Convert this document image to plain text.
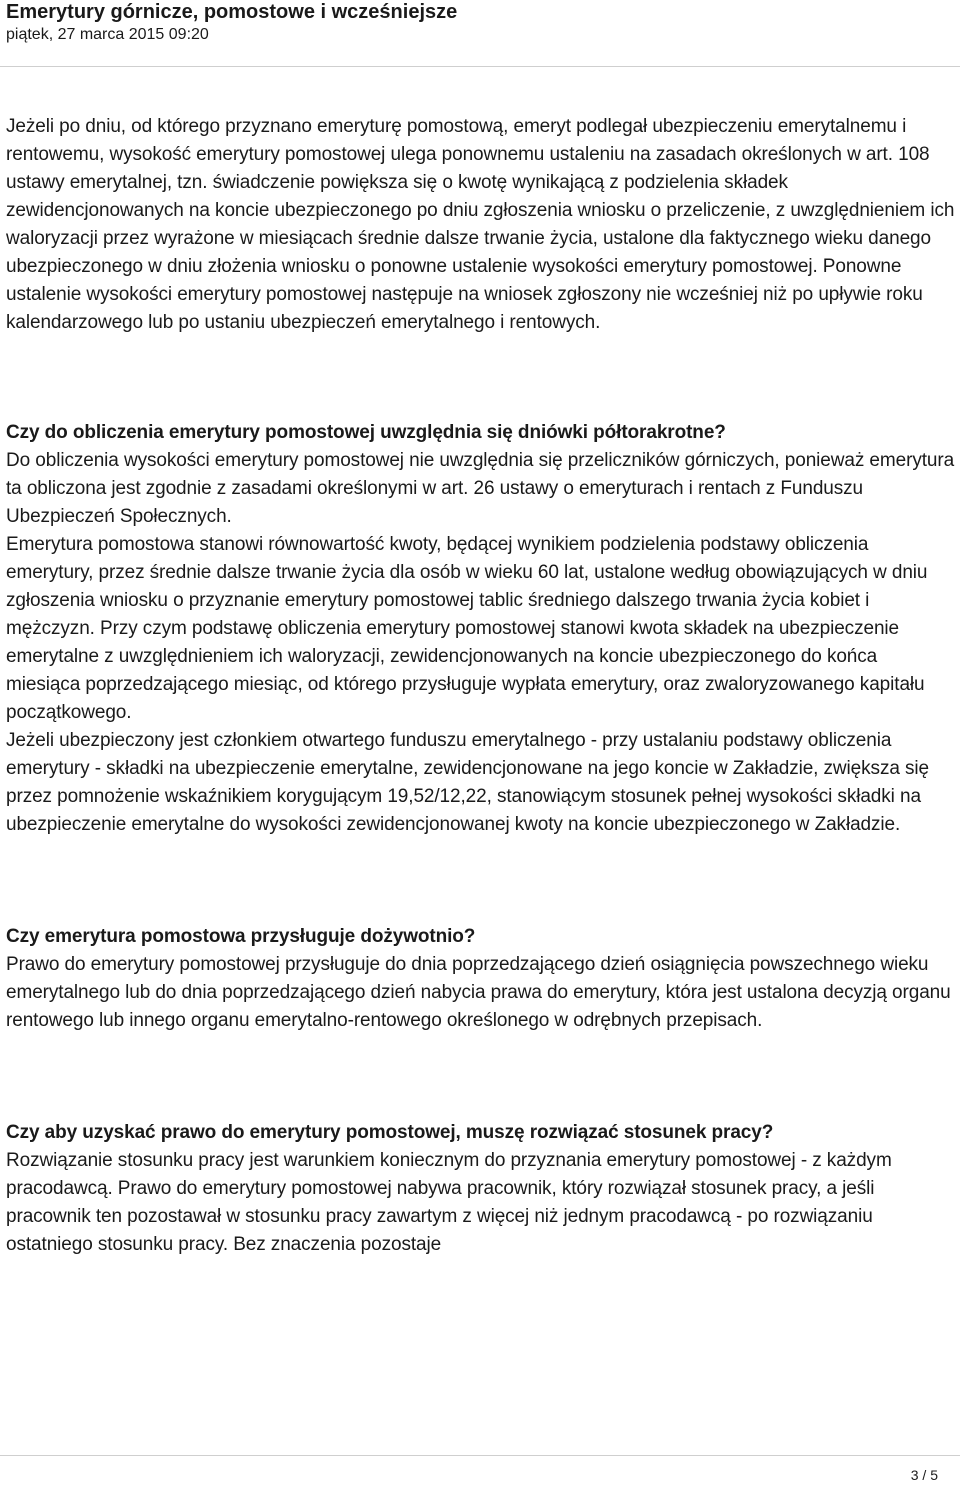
Emerytury górnicze, pomostowe i wcześniejsze
piątek, 27 marca 2015 09:20

Jeżeli po dniu, od którego przyznano emeryturę pomostową, emeryt podlegał ubezpieczeniu emerytalnemu i rentowemu, wysokość emerytury pomostowej ulega ponownemu ustaleniu na zasadach określonych w art. 108 ustawy emerytalnej, tzn. świadczenie powiększa się o kwotę wynikającą z podzielenia składek zewidencjonowanych na koncie ubezpieczonego po dniu zgłoszenia wniosku o przeliczenie, z uwzględnieniem ich waloryzacji przez wyrażone w miesiącach średnie dalsze trwanie życia, ustalone dla faktycznego wieku danego ubezpieczonego w dniu złożenia wniosku o ponowne ustalenie wysokości emerytury pomostowej. Ponowne ustalenie wysokości emerytury pomostowej następuje na wniosek zgłoszony nie wcześniej niż po upływie roku kalendarzowego lub po ustaniu ubezpieczeń emerytalnego i rentowych.

Czy do obliczenia emerytury pomostowej uwzględnia się dniówki półtorakrotne?

Do obliczenia wysokości emerytury pomostowej nie uwzględnia się przeliczników górniczych, ponieważ emerytura ta obliczona jest zgodnie z zasadami określonymi w art. 26 ustawy o emeryturach i rentach z Funduszu Ubezpieczeń Społecznych.

Emerytura pomostowa stanowi równowartość kwoty, będącej wynikiem podzielenia podstawy obliczenia emerytury, przez średnie dalsze trwanie życia dla osób w wieku 60 lat, ustalone według obowiązujących w dniu zgłoszenia wniosku o przyznanie emerytury pomostowej tablic średniego dalszego trwania życia kobiet i mężczyzn. Przy czym podstawę obliczenia emerytury pomostowej stanowi kwota składek na ubezpieczenie emerytalne z uwzględnieniem ich waloryzacji, zewidencjonowanych na koncie ubezpieczonego do końca miesiąca poprzedzającego miesiąc, od którego przysługuje wypłata emerytury, oraz zwaloryzowanego kapitału początkowego.

Jeżeli ubezpieczony jest członkiem otwartego funduszu emerytalnego - przy ustalaniu podstawy obliczenia emerytury - składki na ubezpieczenie emerytalne, zewidencjonowane na jego koncie w Zakładzie, zwiększa się przez pomnożenie wskaźnikiem korygującym 19,52/12,22, stanowiącym stosunek pełnej wysokości składki na ubezpieczenie emerytalne do wysokości zewidencjonowanej kwoty na koncie ubezpieczonego w Zakładzie.

Czy emerytura pomostowa przysługuje dożywotnio?

Prawo do emerytury pomostowej przysługuje do dnia poprzedzającego dzień osiągnięcia powszechnego wieku emerytalnego lub do dnia poprzedzającego dzień nabycia prawa do emerytury, która jest ustalona decyzją organu rentowego lub innego organu emerytalno-rentowego określonego w odrębnych przepisach.

Czy aby uzyskać prawo do emerytury pomostowej, muszę rozwiązać stosunek pracy?

Rozwiązanie stosunku pracy jest warunkiem koniecznym do przyznania emerytury pomostowej - z każdym pracodawcą. Prawo do emerytury pomostowej nabywa pracownik, który rozwiązał stosunek pracy, a jeśli pracownik ten pozostawał w stosunku pracy zawartym z więcej niż jednym pracodawcą - po rozwiązaniu ostatniego stosunku pracy. Bez znaczenia pozostaje

3 / 5
